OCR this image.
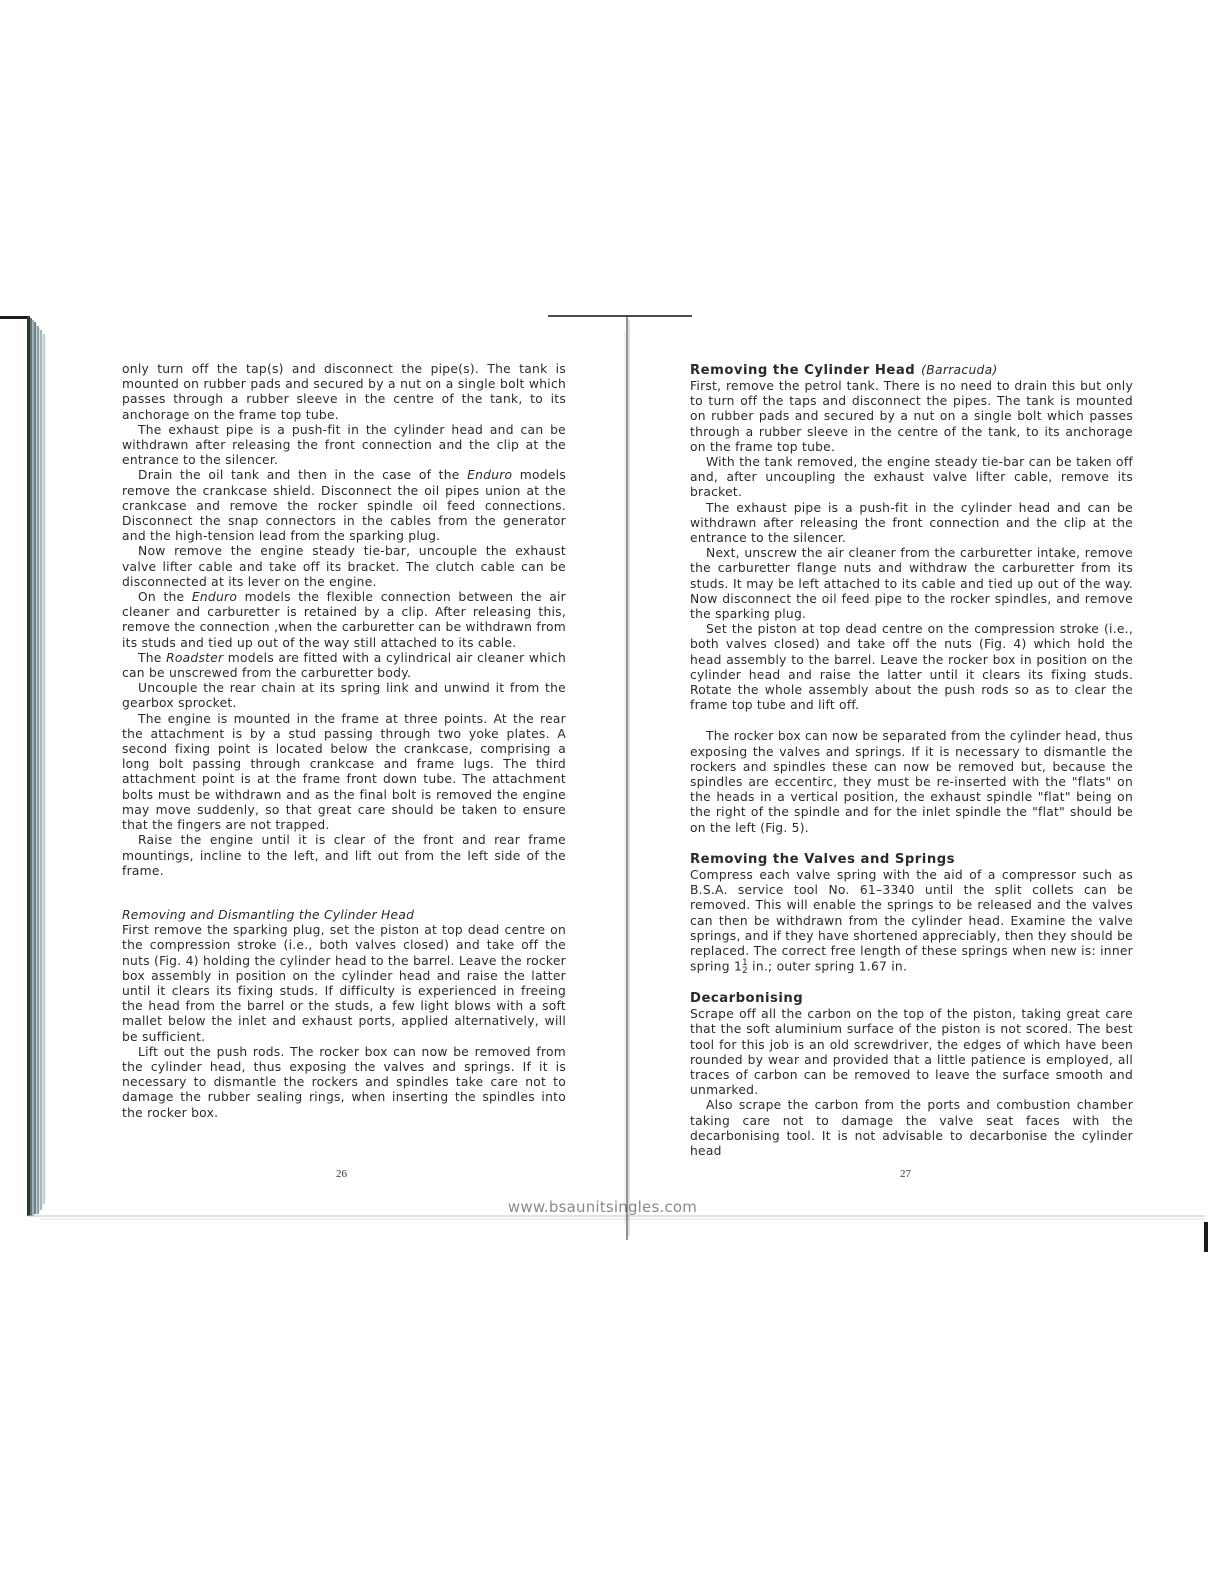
only turn off the tap(s) and disconnect the pipe(s). The tank is mounted on rubber pads and secured by a nut on a single bolt which passes through a rubber sleeve in the centre of the tank, to its anchorage on the frame top tube.

The exhaust pipe is a push-fit in the cylinder head and can be withdrawn after releasing the front connection and the clip at the entrance to the silencer.

Drain the oil tank and then in the case of the Enduro models remove the crankcase shield. Disconnect the oil pipes union at the crankcase and remove the rocker spindle oil feed connections. Disconnect the snap connectors in the cables from the generator and the high-tension lead from the sparking plug.

Now remove the engine steady tie-bar, uncouple the exhaust valve lifter cable and take off its bracket. The clutch cable can be disconnected at its lever on the engine.

On the Enduro models the flexible connection between the air cleaner and carburetter is retained by a clip. After releasing this, remove the connection ,when the carburetter can be withdrawn from its studs and tied up out of the way still attached to its cable.

The Roadster models are fitted with a cylindrical air cleaner which can be unscrewed from the carburetter body.

Uncouple the rear chain at its spring link and unwind it from the gearbox sprocket.

The engine is mounted in the frame at three points. At the rear the attachment is by a stud passing through two yoke plates. A second fixing point is located below the crankcase, comprising a long bolt passing through crankcase and frame lugs. The third attachment point is at the frame front down tube. The attachment bolts must be withdrawn and as the final bolt is removed the engine may move suddenly, so that great care should be taken to ensure that the fingers are not trapped.

Raise the engine until it is clear of the front and rear frame mountings, incline to the left, and lift out from the left side of the frame.

Removing and Dismantling the Cylinder Head

First remove the sparking plug, set the piston at top dead centre on the compression stroke (i.e., both valves closed) and take off the nuts (Fig. 4) holding the cylinder head to the barrel. Leave the rocker box assembly in position on the cylinder head and raise the latter until it clears its fixing studs. If difficulty is experienced in freeing the head from the barrel or the studs, a few light blows with a soft mallet below the inlet and exhaust ports, applied alternatively, will be sufficient.

Lift out the push rods. The rocker box can now be removed from the cylinder head, thus exposing the valves and springs. If it is necessary to dismantle the rockers and spindles take care not to damage the rubber sealing rings, when inserting the spindles into the rocker box.

Removing the Cylinder Head (Barracuda)

First, remove the petrol tank. There is no need to drain this but only to turn off the taps and disconnect the pipes. The tank is mounted on rubber pads and secured by a nut on a single bolt which passes through a rubber sleeve in the centre of the tank, to its anchorage on the frame top tube.

With the tank removed, the engine steady tie-bar can be taken off and, after uncoupling the exhaust valve lifter cable, remove its bracket.

The exhaust pipe is a push-fit in the cylinder head and can be withdrawn after releasing the front connection and the clip at the entrance to the silencer.

Next, unscrew the air cleaner from the carburetter intake, remove the carburetter flange nuts and withdraw the carburetter from its studs. It may be left attached to its cable and tied up out of the way. Now disconnect the oil feed pipe to the rocker spindles, and remove the sparking plug.

Set the piston at top dead centre on the compression stroke (i.e., both valves closed) and take off the nuts (Fig. 4) which hold the head assembly to the barrel. Leave the rocker box in position on the cylinder head and raise the latter until it clears its fixing studs. Rotate the whole assembly about the push rods so as to clear the frame top tube and lift off.

The rocker box can now be separated from the cylinder head, thus exposing the valves and springs. If it is necessary to dismantle the rockers and spindles these can now be removed but, because the spindles are eccentirc, they must be re-inserted with the "flats" on the heads in a vertical position, the exhaust spindle "flat" being on the right of the spindle and for the inlet spindle the "flat" should be on the left (Fig. 5).

Removing the Valves and Springs

Compress each valve spring with the aid of a compressor such as B.S.A. service tool No. 61–3340 until the split collets can be removed. This will enable the springs to be released and the valves can then be withdrawn from the cylinder head. Examine the valve springs, and if they have shortened appreciably, then they should be replaced. The correct free length of these springs when new is: inner spring 11
2 in.; outer spring 1.67 in.

Decarbonising

Scrape off all the carbon on the top of the piston, taking great care that the soft aluminium surface of the piston is not scored. The best tool for this job is an old screwdriver, the edges of which have been rounded by wear and provided that a little patience is employed, all traces of carbon can be removed to leave the surface smooth and unmarked.

Also scrape the carbon from the ports and combustion chamber taking care not to damage the valve seat faces with the decarbonising tool. It is not advisable to decarbonise the cylinder head

26	27
www.bsaunitsingles.com
